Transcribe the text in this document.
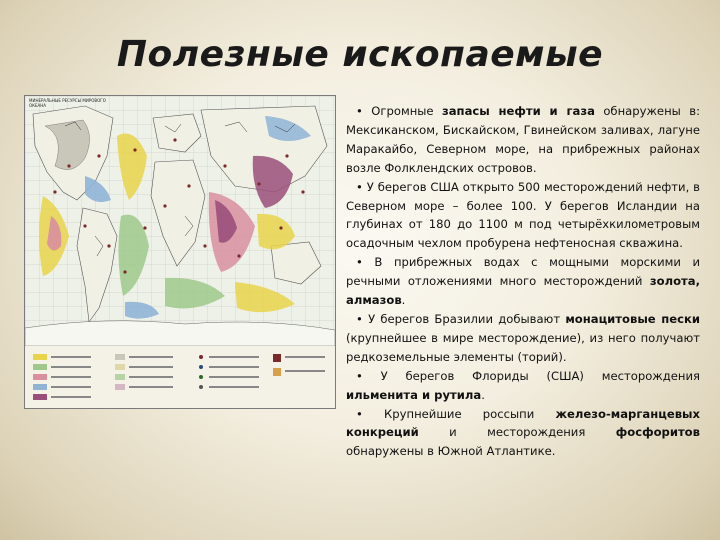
Полезные ископаемые
МИНЕРАЛЬНЫЕ РЕСУРСЫ МИРОВОГО ОКЕАНА	• Огромные запасы нефти и газа обнаружены в: Мексиканском, Бискайском, Гвинейском заливах, лагуне Маракайбо, Северном море, на прибрежных районах возле Фолклендских островов.

• У берегов США открыто 500 месторождений нефти, в Северном море – более 100. У берегов Исландии на глубинах от 180 до 1100 м под четырёхкилометровым осадочным чехлом пробурена нефтеносная скважина.

• В прибрежных водах с мощными морскими и речными отложениями много месторождений золота, алмазов.

• У берегов Бразилии добывают монацитовые пески (крупнейшее в мире месторождение), из него получают редкоземельные элементы (торий).

• У берегов Флориды (США) месторождения ильменита и рутила.

• Крупнейшие россыпи железо-марганцевых конкреций и месторождения фосфоритов обнаружены в Южной Атлантике.
